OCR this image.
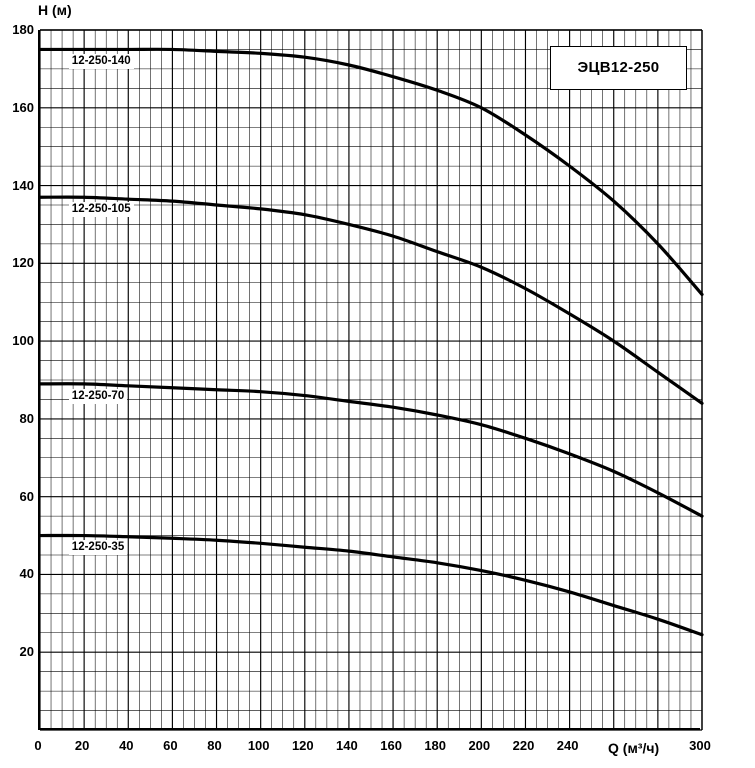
H (м)
Q (м³/ч)
20
40
60
80
100
120
140
160
180
0	20	40	60	80	100	120	140	160	180	200	220	240	300
12-250-140
12-250-105
12-250-70
12-250-35
ЭЦВ12-250
